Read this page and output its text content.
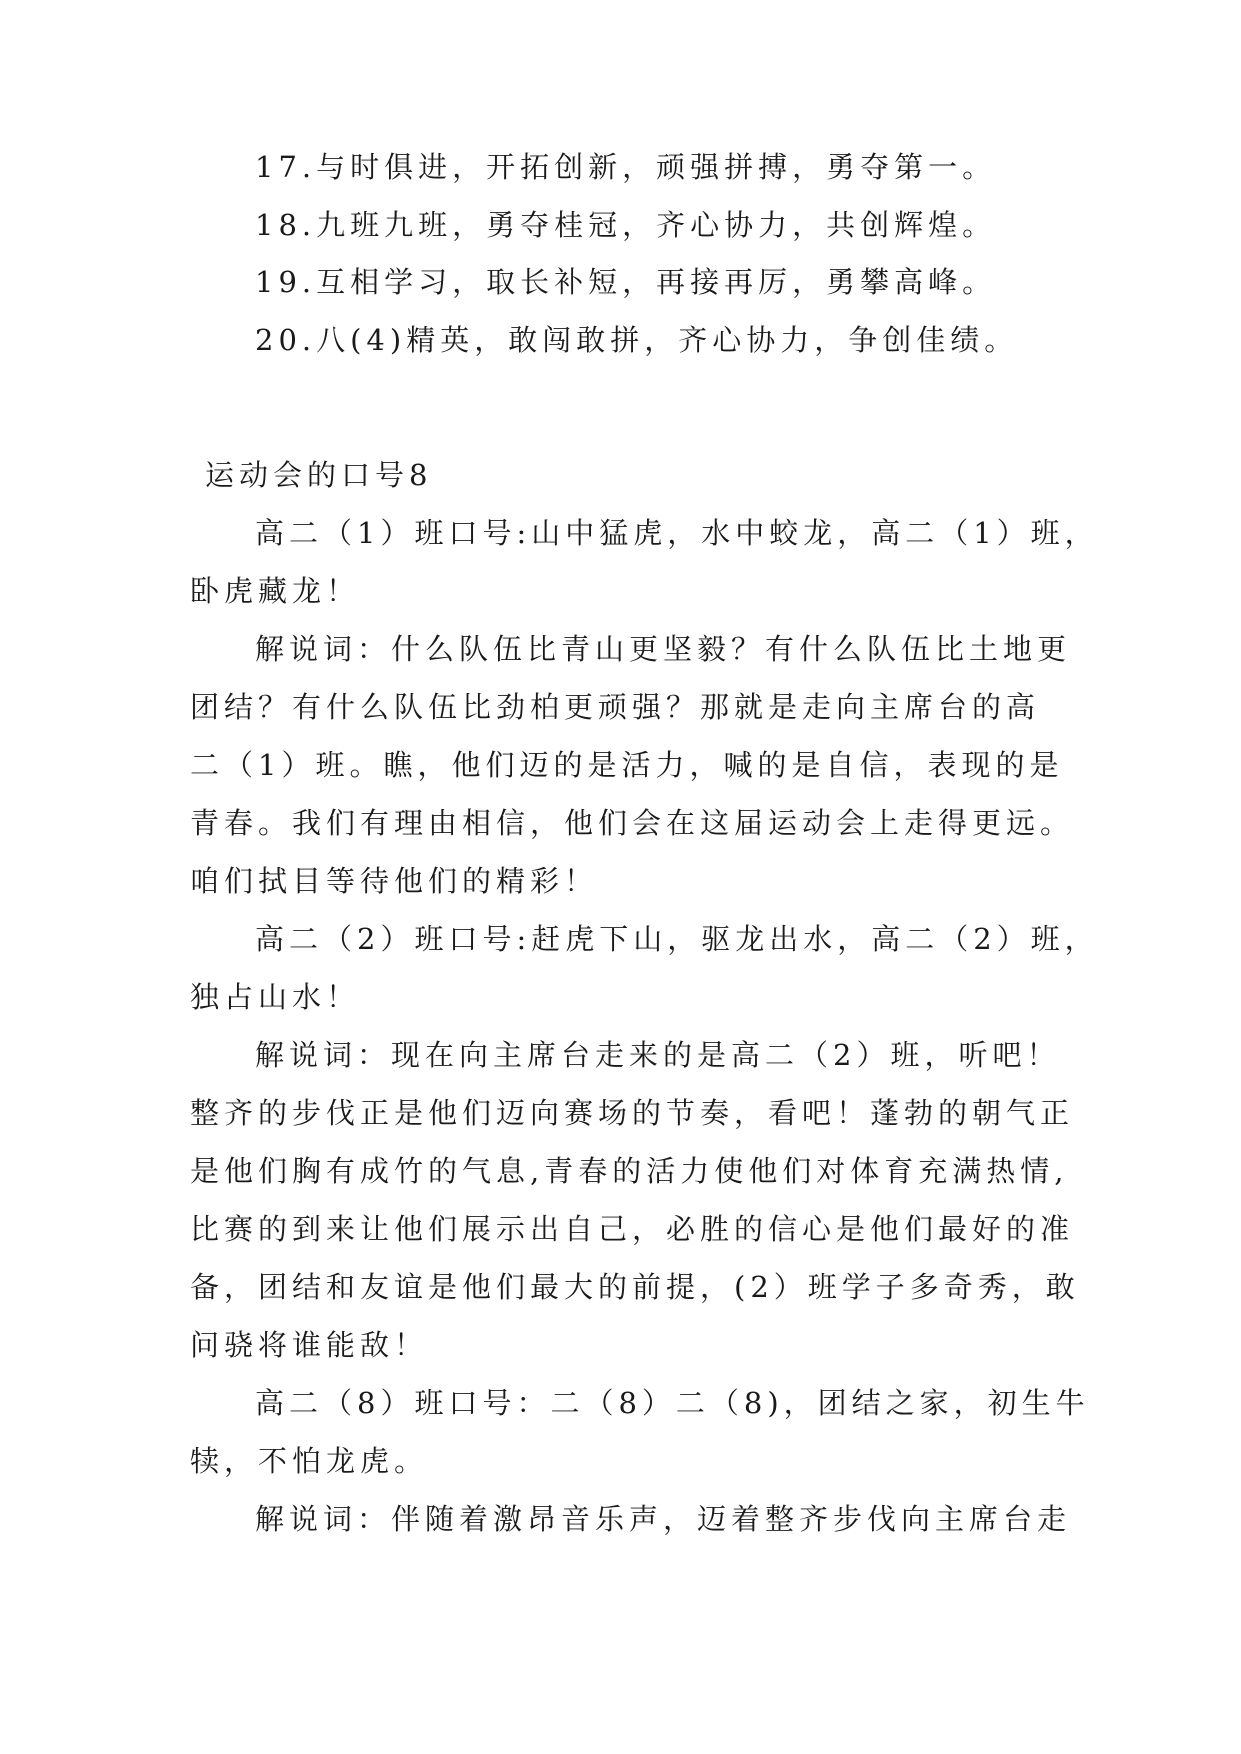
17.与时俱进，开拓创新，顽强拼搏，勇夺第一。

18.九班九班，勇夺桂冠，齐心协力，共创辉煌。

19.互相学习，取长补短，再接再厉，勇攀高峰。

20.八(4)精英，敢闯敢拼，齐心协力，争创佳绩。

运动会的口号8

高二（1）班口号:山中猛虎，水中蛟龙，高二（1）班，

卧虎藏龙！

解说词：什么队伍比青山更坚毅？有什么队伍比土地更

团结？有什么队伍比劲柏更顽强？那就是走向主席台的高

二（1）班。瞧，他们迈的是活力，喊的是自信，表现的是

青春。我们有理由相信，他们会在这届运动会上走得更远。

咱们拭目等待他们的精彩！

高二（2）班口号:赶虎下山，驱龙出水，高二（2）班，

独占山水！

解说词：现在向主席台走来的是高二（2）班，听吧！

整齐的步伐正是他们迈向赛场的节奏，看吧！蓬勃的朝气正

是他们胸有成竹的气息,青春的活力使他们对体育充满热情,

比赛的到来让他们展示出自己，必胜的信心是他们最好的准

备，团结和友谊是他们最大的前提，(2）班学子多奇秀，敢

问骁将谁能敌！

高二（8）班口号：二（8）二（8)，团结之家，初生牛

犊，不怕龙虎。

解说词：伴随着激昂音乐声，迈着整齐步伐向主席台走
